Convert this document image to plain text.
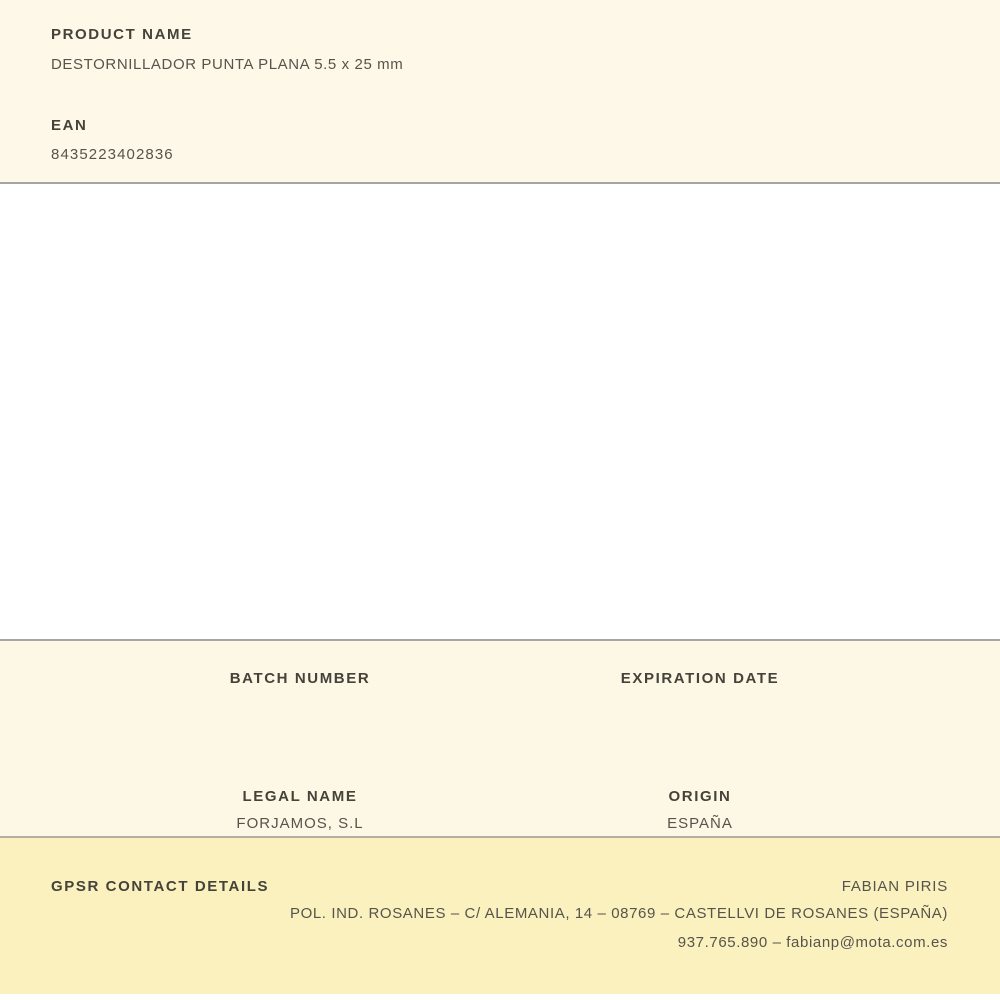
PRODUCT NAME
DESTORNILLADOR PUNTA PLANA 5.5 x 25 mm
EAN
8435223402836
BATCH NUMBER	EXPIRATION DATE
LEGAL NAME
FORJAMOS, S.L
ORIGIN
ESPAÑA
GPSR CONTACT DETAILS	FABIAN PIRIS
POL. IND. ROSANES – C/ ALEMANIA, 14 – 08769 – CASTELLVI DE ROSANES (ESPAÑA)
937.765.890 – fabianp@mota.com.es
